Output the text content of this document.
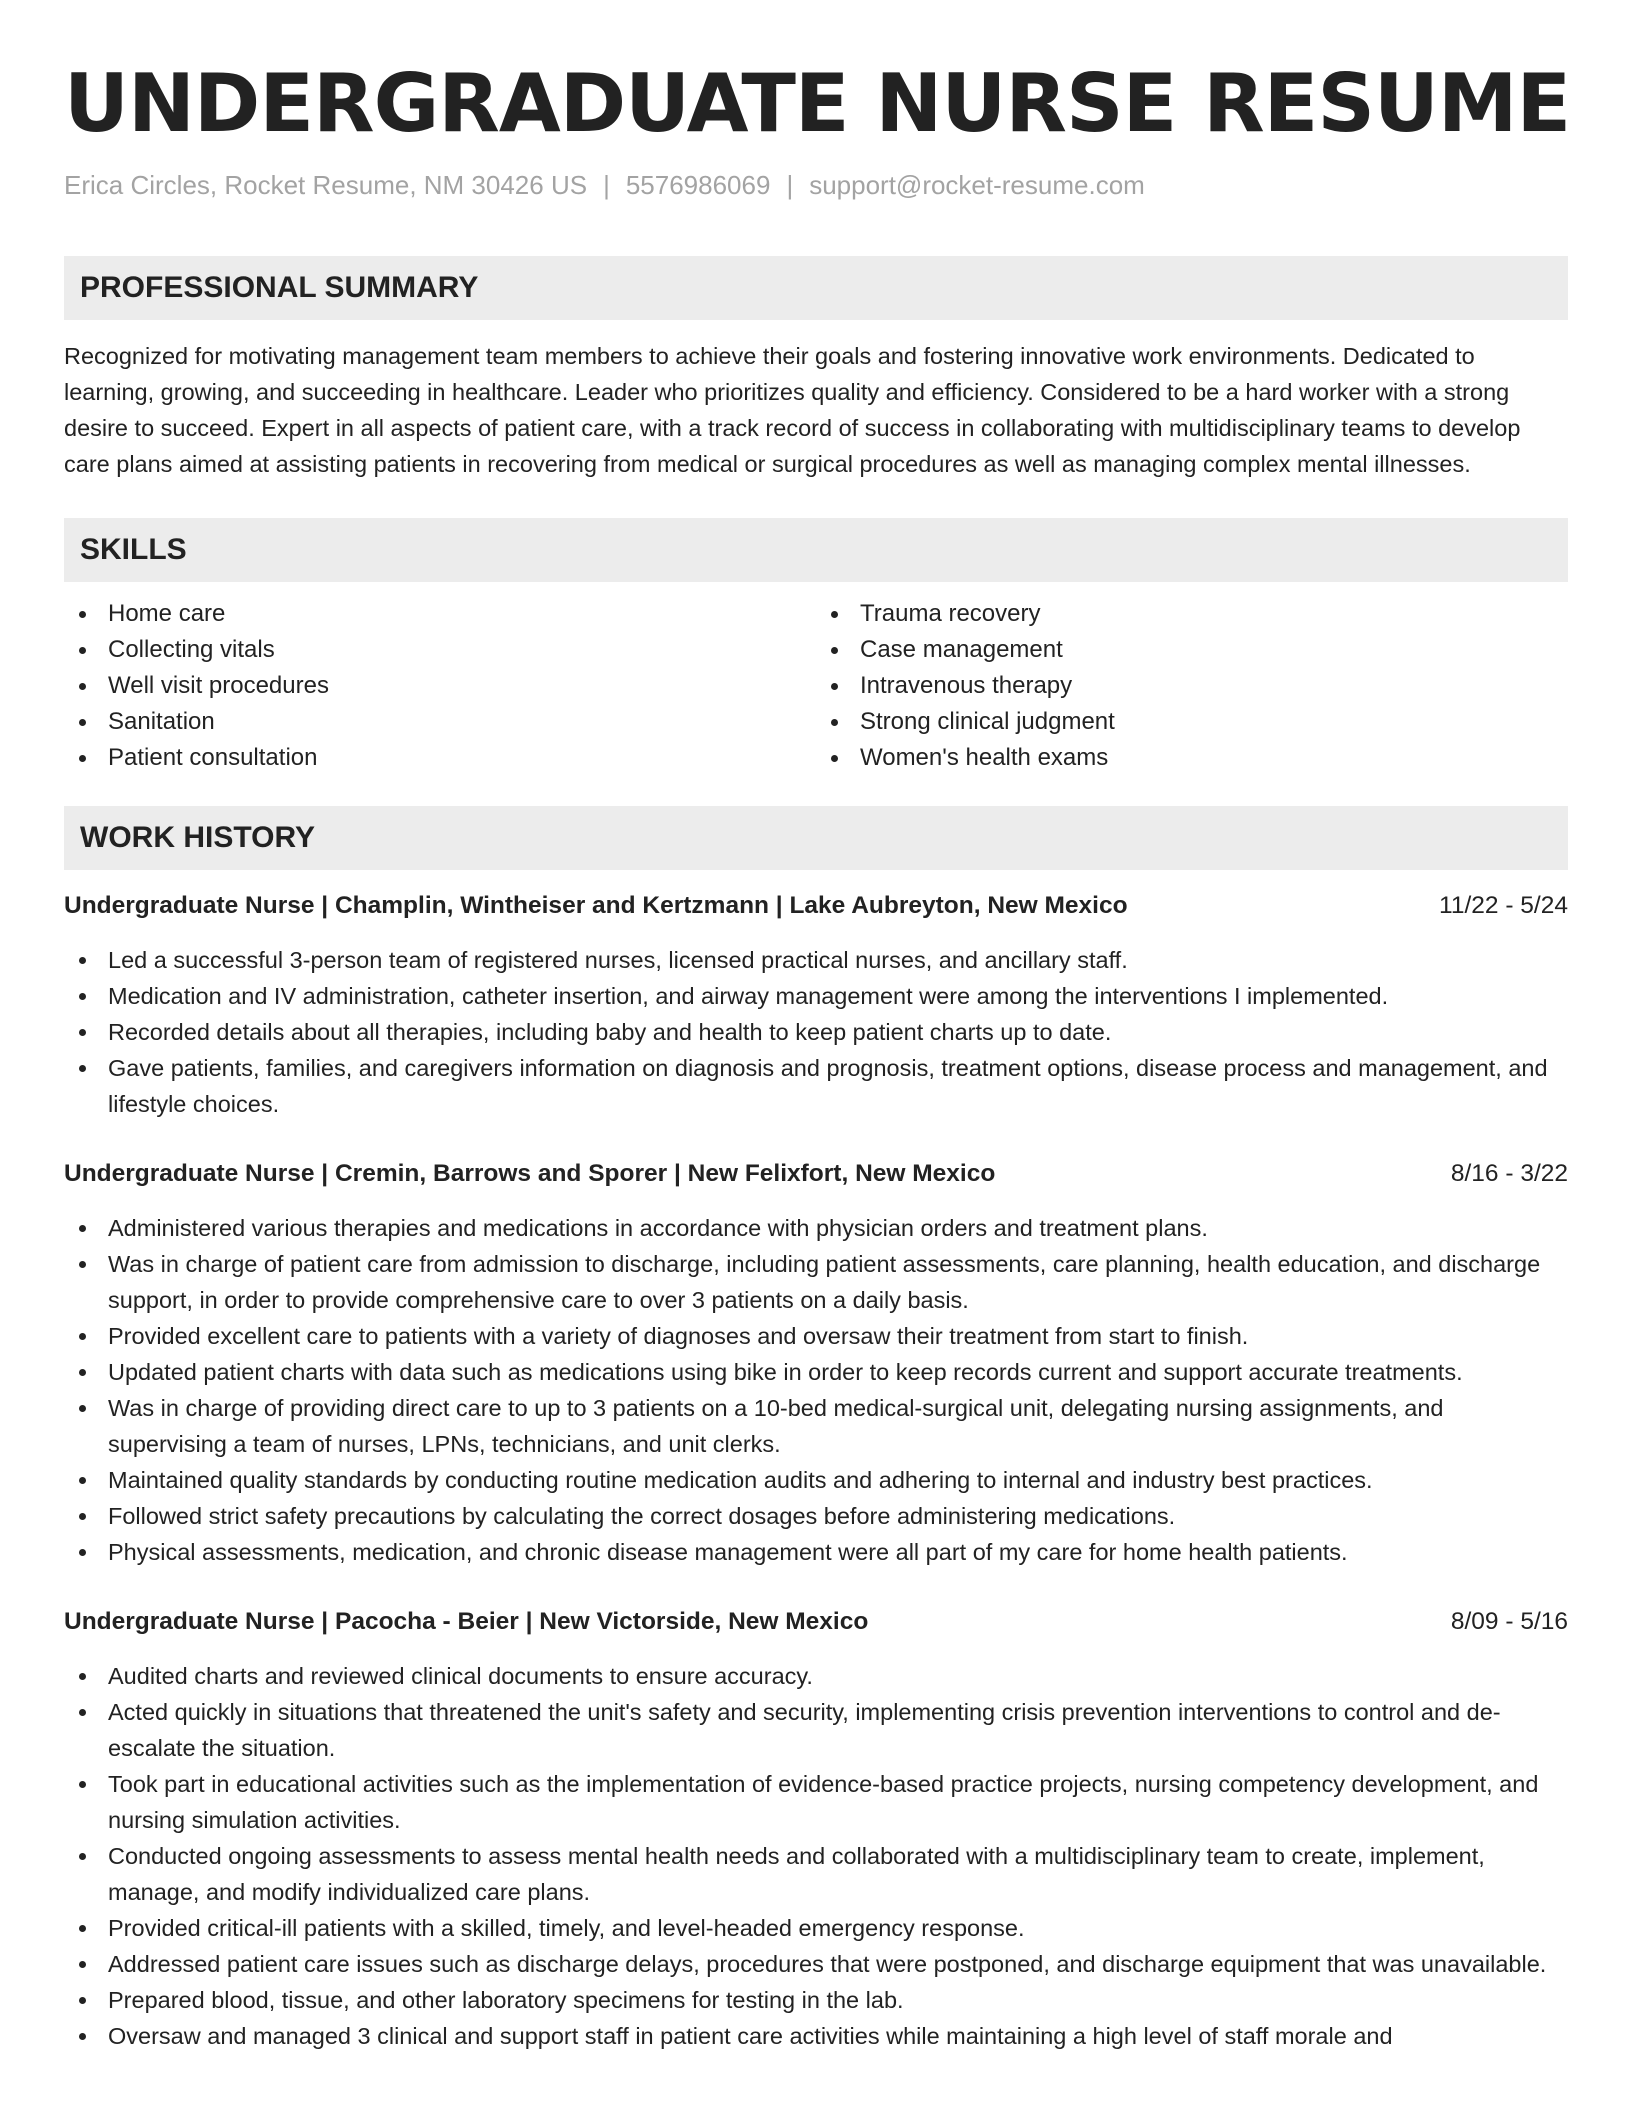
UNDERGRADUATE NURSE RESUME
Erica Circles, Rocket Resume, NM 30426 US | 5576986069 | support@rocket-resume.com
PROFESSIONAL SUMMARY

Recognized for motivating management team members to achieve their goals and fostering innovative work environments. Dedicated to learning, growing, and succeeding in healthcare. Leader who prioritizes quality and efficiency. Considered to be a hard worker with a strong desire to succeed. Expert in all aspects of patient care, with a track record of success in collaborating with multidisciplinary teams to develop care plans aimed at assisting patients in recovering from medical or surgical procedures as well as managing complex mental illnesses.

SKILLS
Home care
Collecting vitals
Well visit procedures
Sanitation
Patient consultation
Trauma recovery
Case management
Intravenous therapy
Strong clinical judgment
Women's health exams
WORK HISTORY
Undergraduate Nurse | Champlin, Wintheiser and Kertzmann | Lake Aubreyton, New Mexico	11/22 - 5/24
Led a successful 3-person team of registered nurses, licensed practical nurses, and ancillary staff.
Medication and IV administration, catheter insertion, and airway management were among the interventions I implemented.
Recorded details about all therapies, including baby and health to keep patient charts up to date.
Gave patients, families, and caregivers information on diagnosis and prognosis, treatment options, disease process and management, and lifestyle choices.
Undergraduate Nurse | Cremin, Barrows and Sporer | New Felixfort, New Mexico	8/16 - 3/22
Administered various therapies and medications in accordance with physician orders and treatment plans.
Was in charge of patient care from admission to discharge, including patient assessments, care planning, health education, and discharge support, in order to provide comprehensive care to over 3 patients on a daily basis.
Provided excellent care to patients with a variety of diagnoses and oversaw their treatment from start to finish.
Updated patient charts with data such as medications using bike in order to keep records current and support accurate treatments.
Was in charge of providing direct care to up to 3 patients on a 10-bed medical-surgical unit, delegating nursing assignments, and supervising a team of nurses, LPNs, technicians, and unit clerks.
Maintained quality standards by conducting routine medication audits and adhering to internal and industry best practices.
Followed strict safety precautions by calculating the correct dosages before administering medications.
Physical assessments, medication, and chronic disease management were all part of my care for home health patients.
Undergraduate Nurse | Pacocha - Beier | New Victorside, New Mexico	8/09 - 5/16
Audited charts and reviewed clinical documents to ensure accuracy.
Acted quickly in situations that threatened the unit's safety and security, implementing crisis prevention interventions to control and de-escalate the situation.
Took part in educational activities such as the implementation of evidence-based practice projects, nursing competency development, and nursing simulation activities.
Conducted ongoing assessments to assess mental health needs and collaborated with a multidisciplinary team to create, implement, manage, and modify individualized care plans.
Provided critical-ill patients with a skilled, timely, and level-headed emergency response.
Addressed patient care issues such as discharge delays, procedures that were postponed, and discharge equipment that was unavailable.
Prepared blood, tissue, and other laboratory specimens for testing in the lab.
Oversaw and managed 3 clinical and support staff in patient care activities while maintaining a high level of staff morale and
